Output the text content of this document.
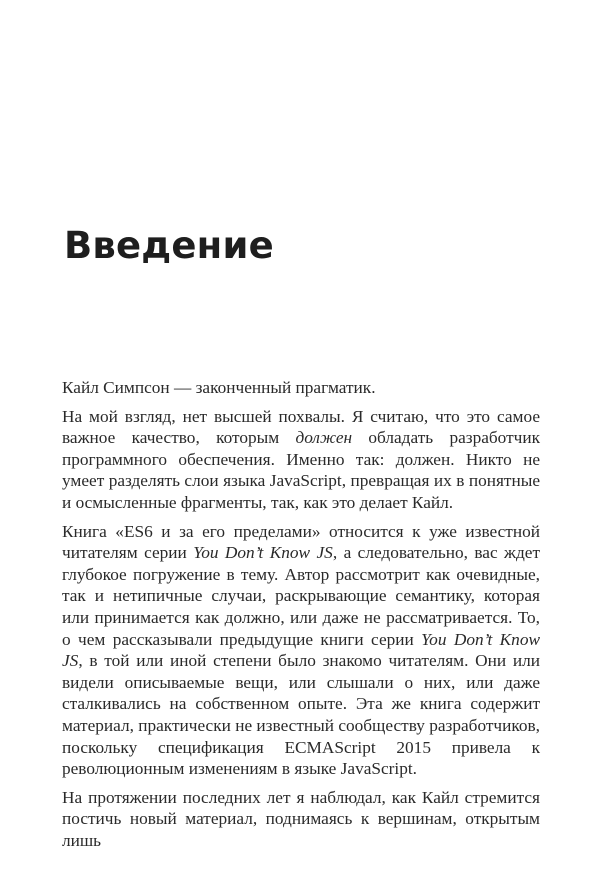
Введение

Кайл Симпсон — законченный прагматик.

На мой взгляд, нет высшей похвалы. Я считаю, что это самое важное качество, которым должен обладать разработчик программного обеспечения. Именно так: должен. Никто не умеет разделять слои языка JavaScript, превращая их в понятные и осмысленные фрагменты, так, как это делает Кайл.

Книга «ES6 и за его пределами» относится к уже известной читателям серии You Don’t Know JS, а следовательно, вас ждет глубокое погружение в тему. Автор рассмотрит как очевидные, так и нетипичные случаи, раскрывающие семантику, которая или принимается как должно, или даже не рассматривается. То, о чем рассказывали предыдущие книги серии You Don’t Know JS, в той или иной степени было знакомо читателям. Они или видели описываемые вещи, или слышали о них, или даже сталкивались на собственном опыте. Эта же книга содержит материал, практически не известный сообществу разработчиков, поскольку спецификация ECMAScript 2015 привела к революционным изменениям в языке JavaScript.

На протяжении последних лет я наблюдал, как Кайл стремится постичь новый материал, поднимаясь к вершинам, открытым лишь
